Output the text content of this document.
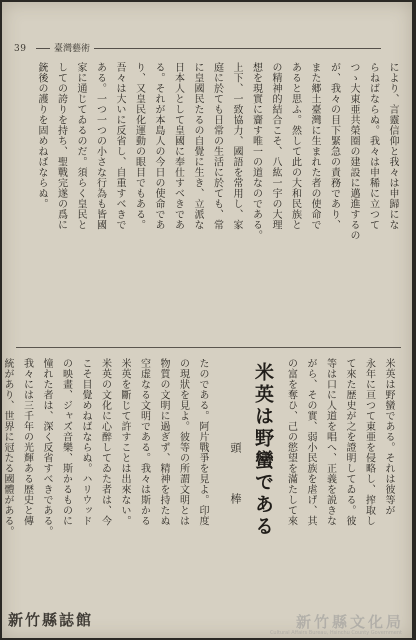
39	臺灣藝術
により、言靈信仰と我々は申歸にな
らねばならぬ。我々は申稀に立つて
つゝ大東亜共榮圈の建設に邁進するの
が、我々の目下緊急の責務であり、
また郷土臺灣に生まれた者の使命で
あると思ふ。然して此の大和民族と
の精神的結合こそ、八紘一宇の大理
想を現實に齎す唯一の道なのである。
上下、一致協力、國語を常用し、家
庭に於ても日常の生活に於ても、常
に皇國民たるの自覺に生き、立派な
日本人として皇國に奉仕すべきであ
る。それが本島人の今日の使命であ
り、又皇民化運動の眼目でもある。
吾々は大いに反省し、自重すべきで
ある。一つ一つの小さな行為も皆國
家に通じてゐるのだ。須らく皇民と
しての誇りを持ち、聖戰完遂の爲に
銃後の護りを固めねばならぬ。
米英は野蠻である
頭　　棒	米英は野蠻である。それは彼等が
永年に亘つて東亜を侵略し、搾取し
て來た歴史が之を證明してゐる。彼
等は口に人道を唱へ、正義を説きな
がら、その實、弱小民族を虐げ、其
の富を奪ひ、己の慾望を滿たして來
たのである。阿片戰爭を見よ。印度
の現狀を見よ。彼等の所謂文明とは
物質の文明に過ぎず、精神を持たぬ
空虚なる文明である。我々は斯かる
米英を斷じて許すことは出來ない。
米英の文化に心醉してゐた者は、今
こそ目覺めねばならぬ。ハリウッド
の映畫、ジャズ音樂、斯かるものに
憧れた者は、深く反省すべきである。
我々には三千年の光輝ある歴史と傳
統があり、世界に冠たる國體がある。
新竹縣誌館	新竹縣文化局
Cultural Affairs Bureau, Hsinchu County Government
